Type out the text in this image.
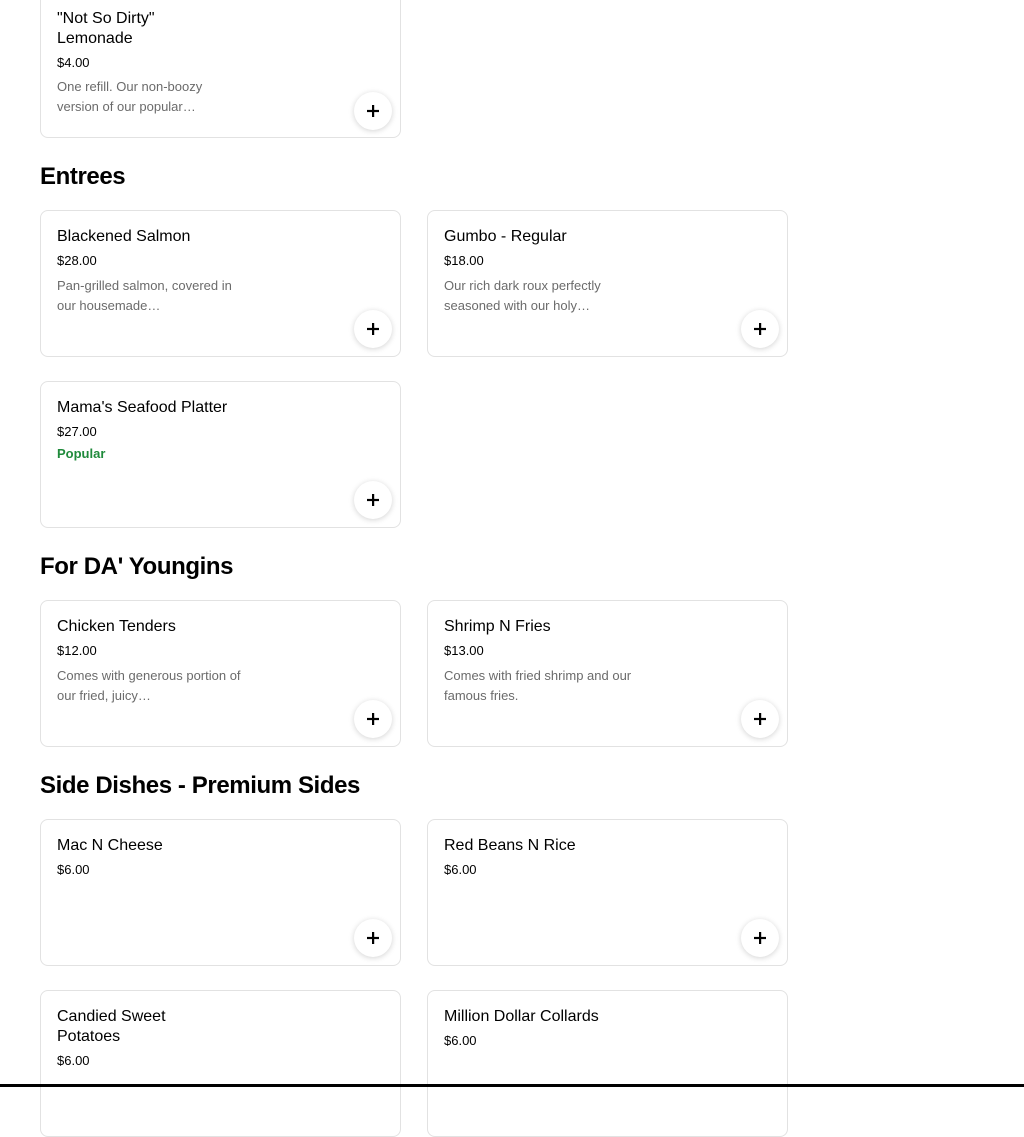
"Not So Dirty" Lemonade
$4.00
One refill. Our non-boozy version of our popular…
Entrees
Blackened Salmon
$28.00
Pan-grilled salmon, covered in our housemade…
Gumbo - Regular
$18.00
Our rich dark roux perfectly seasoned with our holy…
Mama's Seafood Platter
$27.00
Popular
For DA' Youngins
Chicken Tenders
$12.00
Comes with generous portion of our fried, juicy…
Shrimp N Fries
$13.00
Comes with fried shrimp and our famous fries.
Side Dishes - Premium Sides
Mac N Cheese
$6.00
Red Beans N Rice
$6.00
Candied Sweet Potatoes
$6.00
Million Dollar Collards
$6.00
